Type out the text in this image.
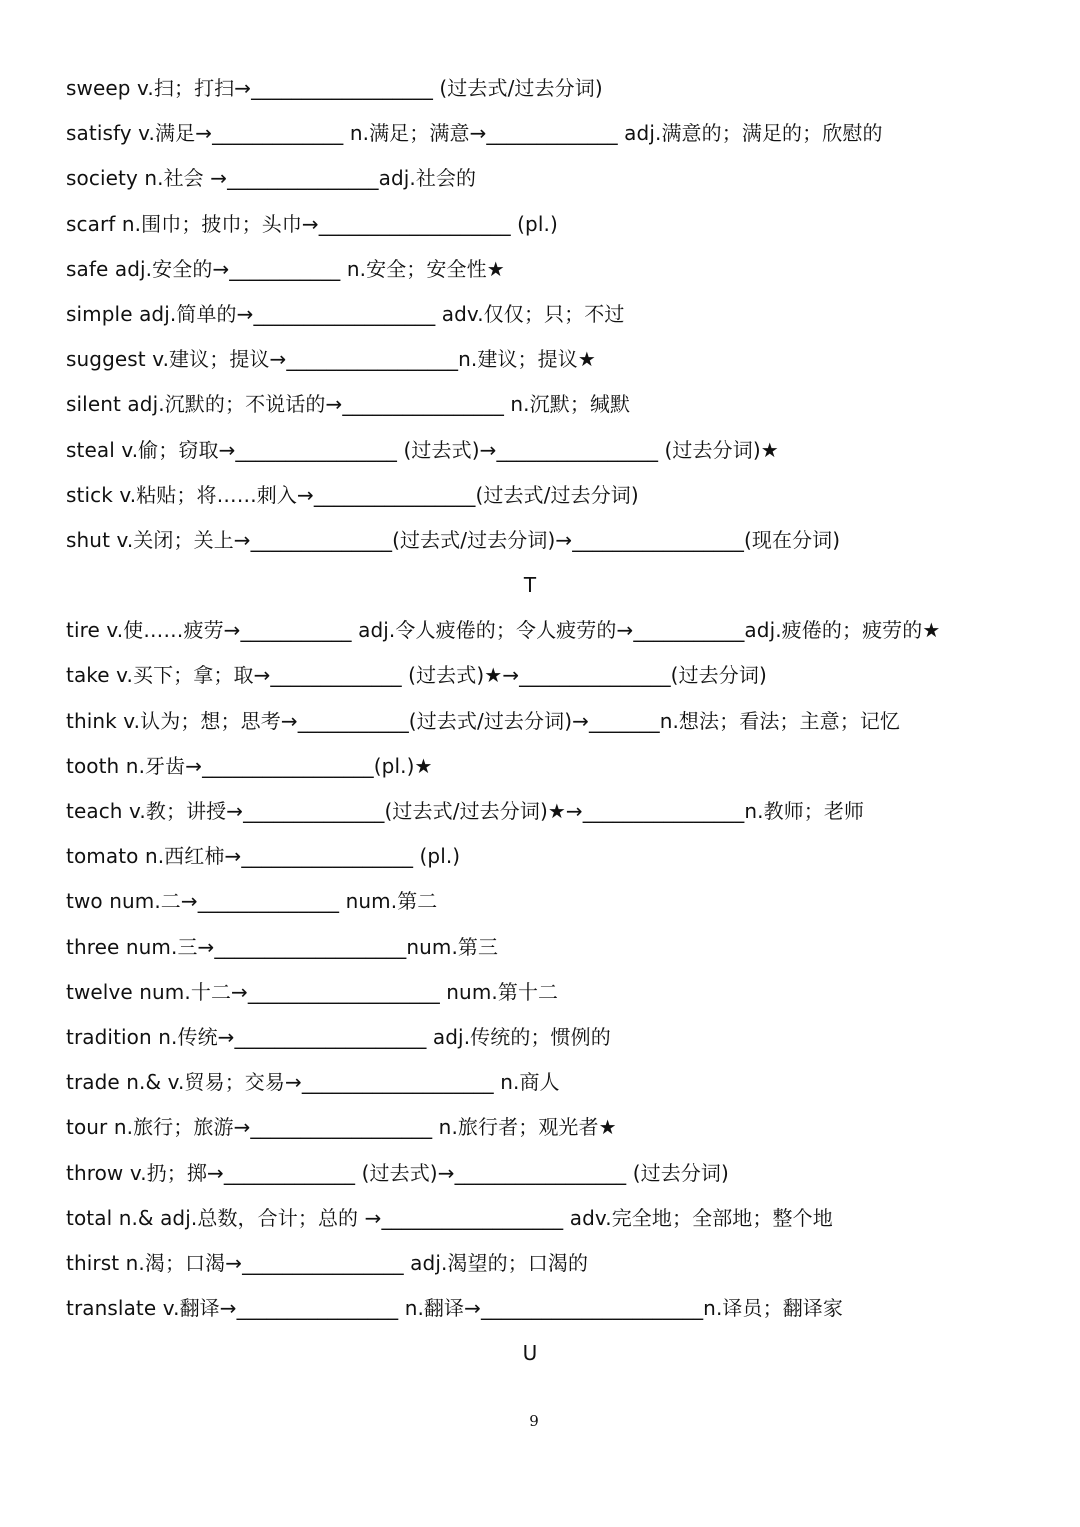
sweep v.扫；打扫→__________________ (过去式/过去分词)
satisfy v.满足→_____________ n.满足；满意→_____________ adj.满意的；满足的；欣慰的
society n.社会 →_______________adj.社会的
scarf n.围巾；披巾；头巾→___________________ (pl.)
safe adj.安全的→___________ n.安全；安全性★
simple adj.简单的→__________________ adv.仅仅；只；不过
suggest v.建议；提议→_________________n.建议；提议★
silent adj.沉默的；不说话的→________________ n.沉默；缄默
steal v.偷；窃取→________________ (过去式)→________________ (过去分词)★
stick v.粘贴；将……刺入→________________(过去式/过去分词)
shut v.关闭；关上→______________(过去式/过去分词)→_________________(现在分词)
T
tire v.使……疲劳→___________ adj.令人疲倦的；令人疲劳的→___________adj.疲倦的；疲劳的★
take v.买下；拿；取→_____________ (过去式)★→_______________(过去分词)
think v.认为；想；思考→___________(过去式/过去分词)→_______n.想法；看法；主意；记忆
tooth n.牙齿→_________________(pl.)★
teach v.教；讲授→______________(过去式/过去分词)★→________________n.教师；老师
tomato n.西红柿→_________________ (pl.)
two num.二→______________ num.第二
three num.三→___________________num.第三
twelve num.十二→___________________ num.第十二
tradition n.传统→___________________ adj.传统的；惯例的
trade n.& v.贸易；交易→___________________ n.商人
tour n.旅行；旅游→__________________ n.旅行者；观光者★
throw v.扔；掷→_____________ (过去式)→_________________ (过去分词)
total n.& adj.总数，合计；总的 →__________________ adv.完全地；全部地；整个地
thirst n.渴；口渴→________________ adj.渴望的；口渴的
translate v.翻译→________________ n.翻译→______________________n.译员；翻译家
U
9
